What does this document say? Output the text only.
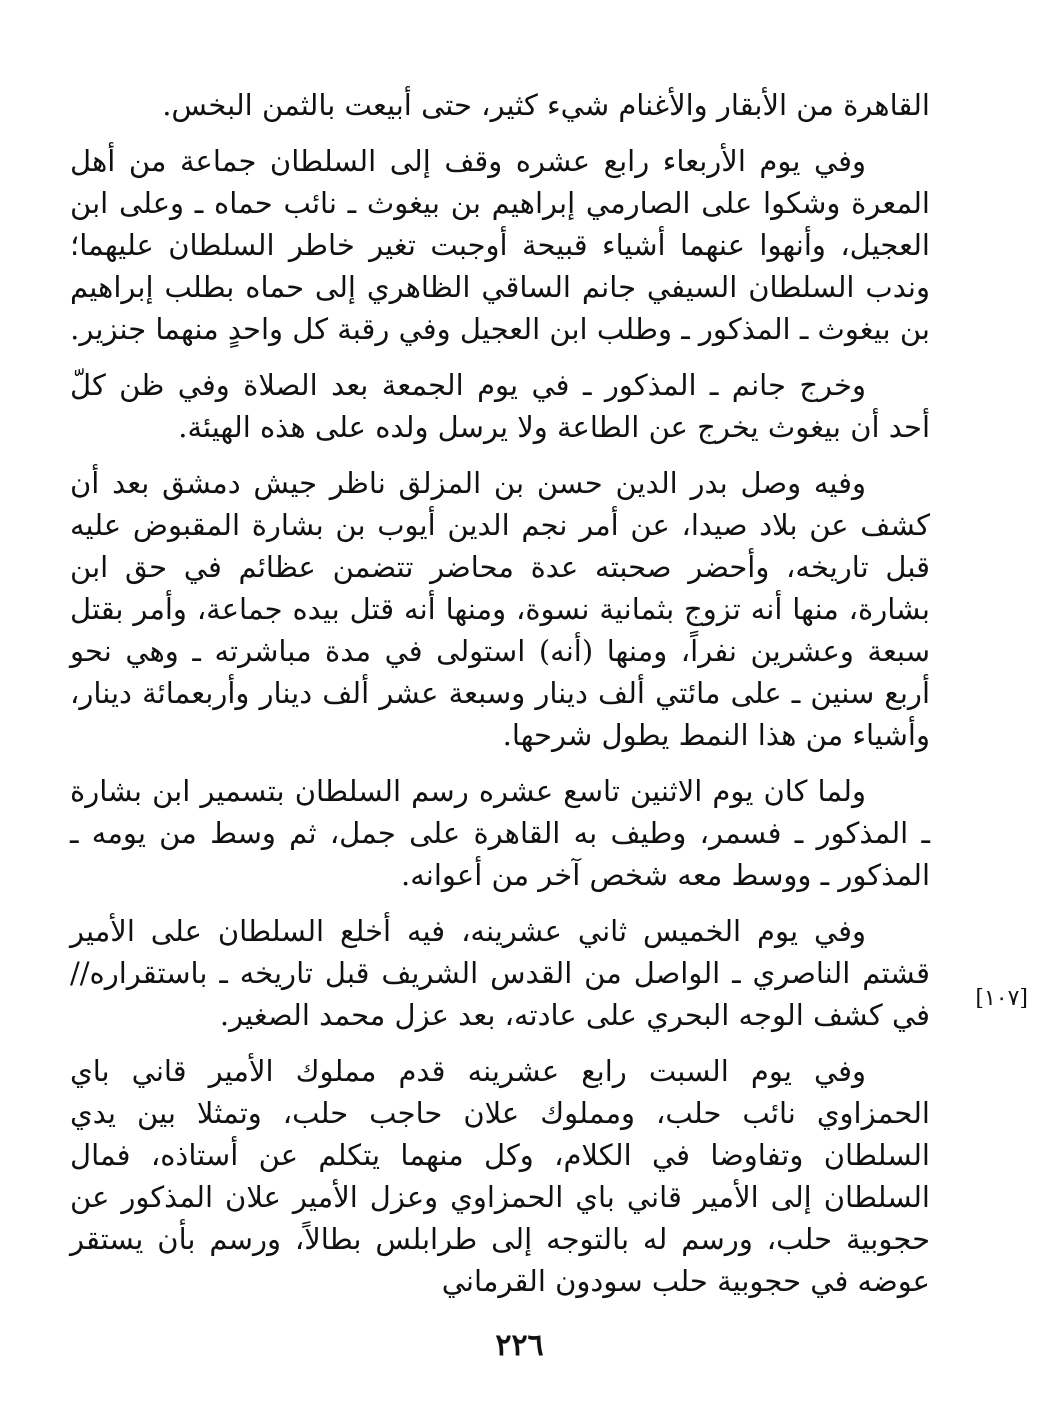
القاهرة من الأبقار والأغنام شيء كثير، حتى أبيعت بالثمن البخس.

وفي يوم الأربعاء رابع عشره وقف إلى السلطان جماعة من أهل المعرة وشكوا على الصارمي إبراهيم بن بيغوث ـ نائب حماه ـ وعلى ابن العجيل، وأنهوا عنهما أشياء قبيحة أوجبت تغير خاطر السلطان عليهما؛ وندب السلطان السيفي جانم الساقي الظاهري إلى حماه بطلب إبراهيم بن بيغوث ـ المذكور ـ وطلب ابن العجيل وفي رقبة كل واحدٍ منهما جنزير.

وخرج جانم ـ المذكور ـ في يوم الجمعة بعد الصلاة وفي ظن كلّ أحد أن بيغوث يخرج عن الطاعة ولا يرسل ولده على هذه الهيئة.

وفيه وصل بدر الدين حسن بن المزلق ناظر جيش دمشق بعد أن كشف عن بلاد صيدا، عن أمر نجم الدين أيوب بن بشارة المقبوض عليه قبل تاريخه، وأحضر صحبته عدة محاضر تتضمن عظائم في حق ابن بشارة، منها أنه تزوج بثمانية نسوة، ومنها أنه قتل بيده جماعة، وأمر بقتل سبعة وعشرين نفراً، ومنها (أنه) استولى في مدة مباشرته ـ وهي نحو أربع سنين ـ على مائتي ألف دينار وسبعة عشر ألف دينار وأربعمائة دينار، وأشياء من هذا النمط يطول شرحها.

ولما كان يوم الاثنين تاسع عشره رسم السلطان بتسمير ابن بشارة ـ المذكور ـ فسمر، وطيف به القاهرة على جمل، ثم وسط من يومه ـ المذكور ـ ووسط معه شخص آخر من أعوانه.

وفي يوم الخميس ثاني عشرينه، فيه أخلع السلطان على الأمير قشتم الناصري ـ الواصل من القدس الشريف قبل تاريخه ـ باستقراره// في كشف الوجه البحري على عادته، بعد عزل محمد الصغير.

وفي يوم السبت رابع عشرينه قدم مملوك الأمير قاني باي الحمزاوي نائب حلب، ومملوك علان حاجب حلب، وتمثلا بين يدي السلطان وتفاوضا في الكلام، وكل منهما يتكلم عن أستاذه، فمال السلطان إلى الأمير قاني باي الحمزاوي وعزل الأمير علان المذكور عن حجوبية حلب، ورسم له بالتوجه إلى طرابلس بطالاً، ورسم بأن يستقر عوضه في حجوبية حلب سودون القرماني

[١٠٧]
٢٢٦
